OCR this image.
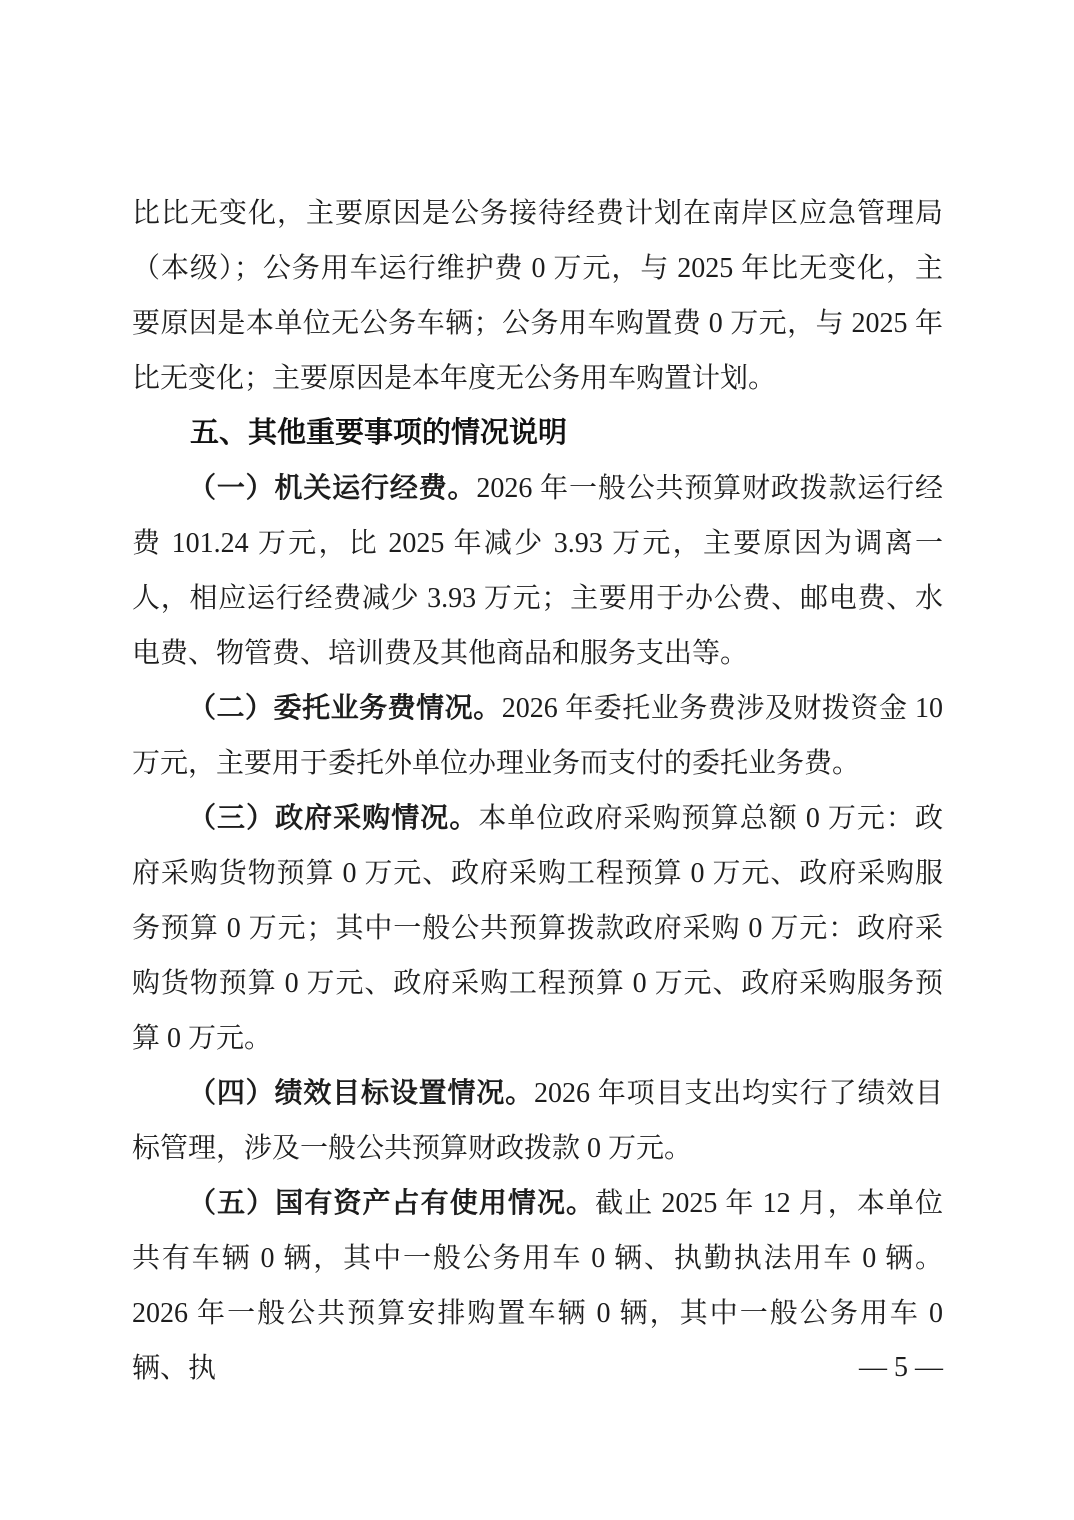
比比无变化，主要原因是公务接待经费计划在南岸区应急管理局（本级）；公务用车运行维护费 0 万元，与 2025 年比无变化，主要原因是本单位无公务车辆；公务用车购置费 0 万元，与 2025 年比无变化；主要原因是本年度无公务用车购置计划。

五、其他重要事项的情况说明

（一）机关运行经费。2026 年一般公共预算财政拨款运行经费 101.24 万元，比 2025 年减少 3.93 万元，主要原因为调离一人，相应运行经费减少 3.93 万元；主要用于办公费、邮电费、水电费、物管费、培训费及其他商品和服务支出等。

（二）委托业务费情况。2026 年委托业务费涉及财拨资金 10 万元，主要用于委托外单位办理业务而支付的委托业务费。

（三）政府采购情况。本单位政府采购预算总额 0 万元：政府采购货物预算 0 万元、政府采购工程预算 0 万元、政府采购服务预算 0 万元；其中一般公共预算拨款政府采购 0 万元：政府采购货物预算 0 万元、政府采购工程预算 0 万元、政府采购服务预算 0 万元。

（四）绩效目标设置情况。2026 年项目支出均实行了绩效目标管理，涉及一般公共预算财政拨款 0 万元。

（五）国有资产占有使用情况。截止 2025 年 12 月，本单位共有车辆 0 辆，其中一般公务用车 0 辆、执勤执法用车 0 辆。2026 年一般公共预算安排购置车辆 0 辆，其中一般公务用车 0 辆、执	— 5 —
